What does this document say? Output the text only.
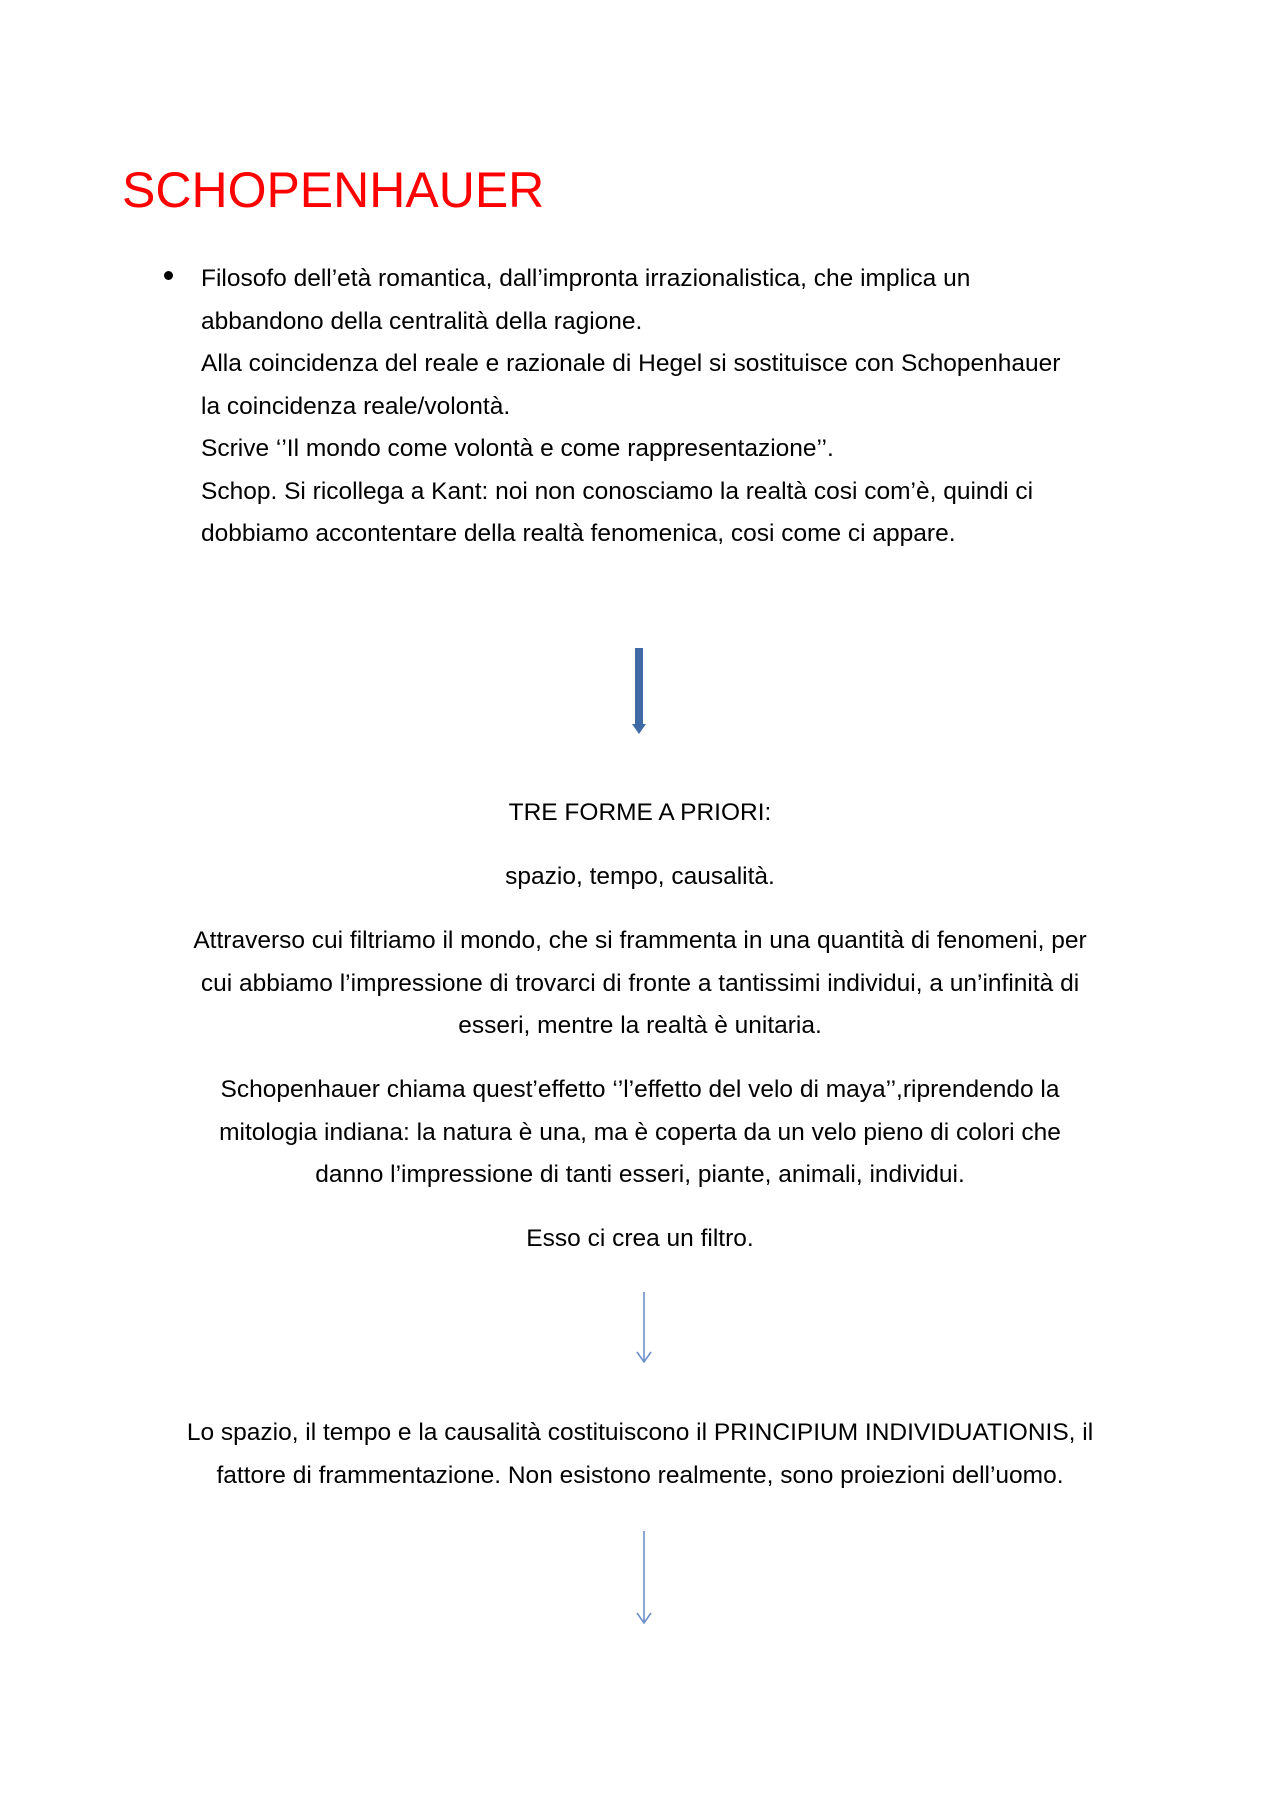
SCHOPENHAUER
Filosofo dell’età romantica, dall’impronta irrazionalistica, che implica un
abbandono della centralità della ragione.
Alla coincidenza del reale e razionale di Hegel si sostituisce con Schopenhauer
la coincidenza reale/volontà.
Scrive ‘’Il mondo come volontà e come rappresentazione’’.
Schop. Si ricollega a Kant: noi non conosciamo la realtà cosi com’è, quindi ci
dobbiamo accontentare della realtà fenomenica, cosi come ci appare.
TRE FORME A PRIORI:
spazio, tempo, causalità.
Attraverso cui filtriamo il mondo, che si frammenta in una quantità di fenomeni, per
cui abbiamo l’impressione di trovarci di fronte a tantissimi individui, a un’infinità di
esseri, mentre la realtà è unitaria.
Schopenhauer chiama quest’effetto ‘’l’effetto del velo di maya’’,riprendendo la
mitologia indiana: la natura è una, ma è coperta da un velo pieno di colori che
danno l’impressione di tanti esseri, piante, animali, individui.
Esso ci crea un filtro.
Lo spazio, il tempo e la causalità costituiscono il PRINCIPIUM INDIVIDUATIONIS, il
fattore di frammentazione. Non esistono realmente, sono proiezioni dell’uomo.
